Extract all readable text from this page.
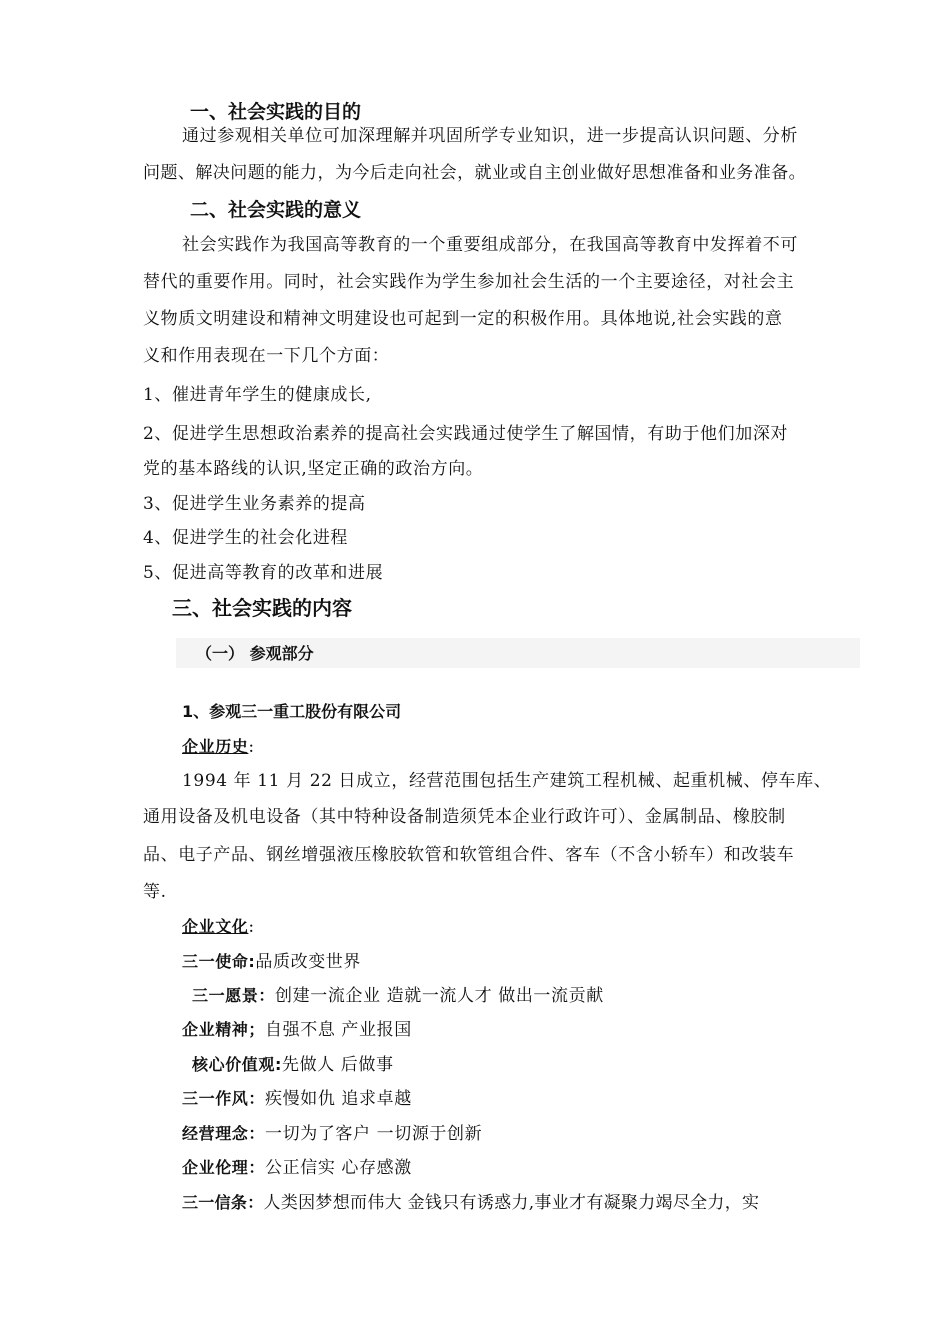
一、社会实践的目的
通过参观相关单位可加深理解并巩固所学专业知识，进一步提高认识问题、分析
问题、解决问题的能力，为今后走向社会，就业或自主创业做好思想准备和业务准备。
二、社会实践的意义
社会实践作为我国高等教育的一个重要组成部分，在我国高等教育中发挥着不可
替代的重要作用。同时，社会实践作为学生参加社会生活的一个主要途径，对社会主
义物质文明建设和精神文明建设也可起到一定的积极作用。具体地说,社会实践的意
义和作用表现在一下几个方面：
1、催进青年学生的健康成长,
2、促进学生思想政治素养的提高社会实践通过使学生了解国情，有助于他们加深对
党的基本路线的认识,坚定正确的政治方向。
3、促进学生业务素养的提高
4、促进学生的社会化进程
5、促进高等教育的改革和进展
三、社会实践的内容
（一） 参观部分
1、参观三一重工股份有限公司
企业历史:
1994 年 11 月 22 日成立，经营范围包括生产建筑工程机械、起重机械、停车库、
通用设备及机电设备（其中特种设备制造须凭本企业行政许可）、金属制品、橡胶制
品、电子产品、钢丝增强液压橡胶软管和软管组合件、客车（不含小轿车）和改装车
等.
企业文化:
三一使命:品质改变世界
三一愿景：创建一流企业 造就一流人才 做出一流贡献
企业精神；自强不息 产业报国
核心价值观:先做人 后做事
三一作风：疾慢如仇 追求卓越
经营理念：一切为了客户 一切源于创新
企业伦理：公正信实 心存感激
三一信条：人类因梦想而伟大 金钱只有诱惑力,事业才有凝聚力竭尽全力，实
